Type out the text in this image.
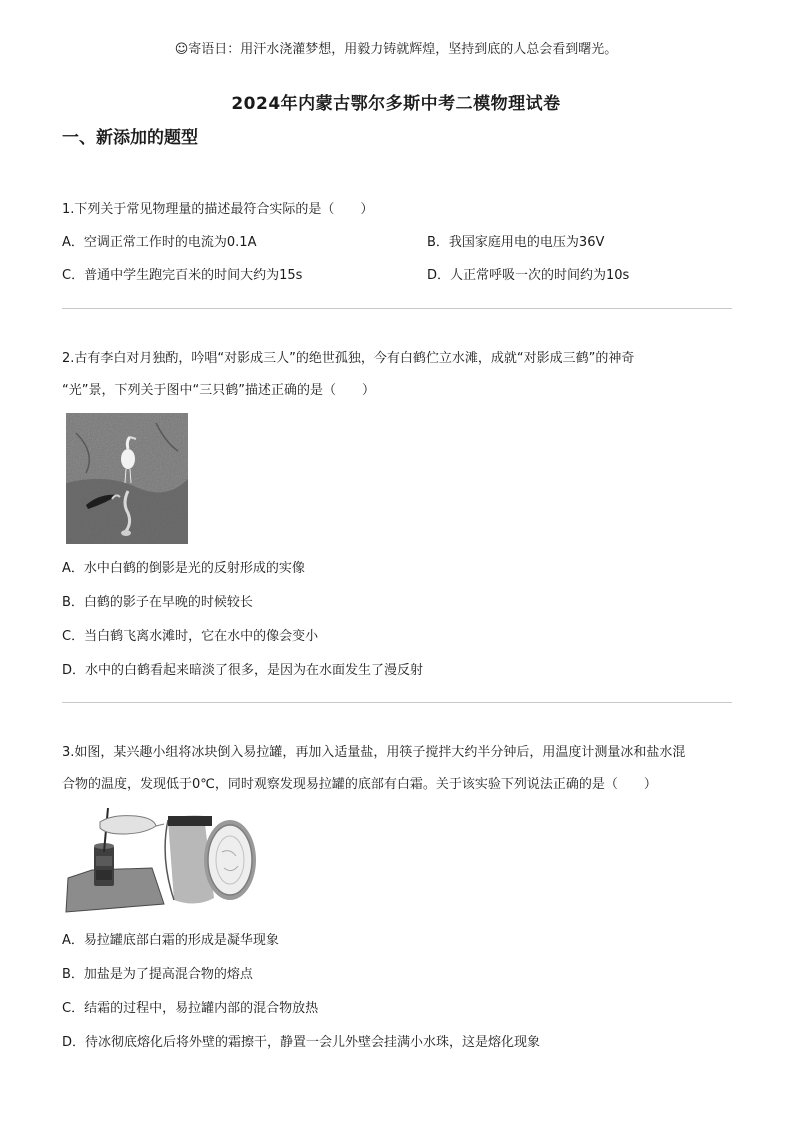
☺寄语日：用汗水浇灌梦想，用毅力铸就辉煌，坚持到底的人总会看到曙光。
2024年内蒙古鄂尔多斯中考二模物理试卷
一、新添加的题型
1.下列关于常见物理量的描述最符合实际的是（　　）
A．空调正常工作时的电流为0.1A	B．我国家庭用电的电压为36V
C．普通中学生跑完百米的时间大约为15s	D．人正常呼吸一次的时间约为10s
2.古有李白对月独酌，吟唱“对影成三人”的绝世孤独，今有白鹤伫立水滩，成就“对影成三鹤”的神奇
“光”景，下列关于图中“三只鹤”描述正确的是（　　）
A．水中白鹤的倒影是光的反射形成的实像
B．白鹤的影子在早晚的时候较长
C．当白鹤飞离水滩时，它在水中的像会变小
D．水中的白鹤看起来暗淡了很多，是因为在水面发生了漫反射
3.如图，某兴趣小组将冰块倒入易拉罐，再加入适量盐，用筷子搅拌大约半分钟后，用温度计测量冰和盐水混
合物的温度，发现低于0℃，同时观察发现易拉罐的底部有白霜。关于该实验下列说法正确的是（　　）
A．易拉罐底部白霜的形成是凝华现象
B．加盐是为了提高混合物的熔点
C．结霜的过程中，易拉罐内部的混合物放热
D．待冰彻底熔化后将外壁的霜擦干，静置一会儿外壁会挂满小水珠，这是熔化现象
